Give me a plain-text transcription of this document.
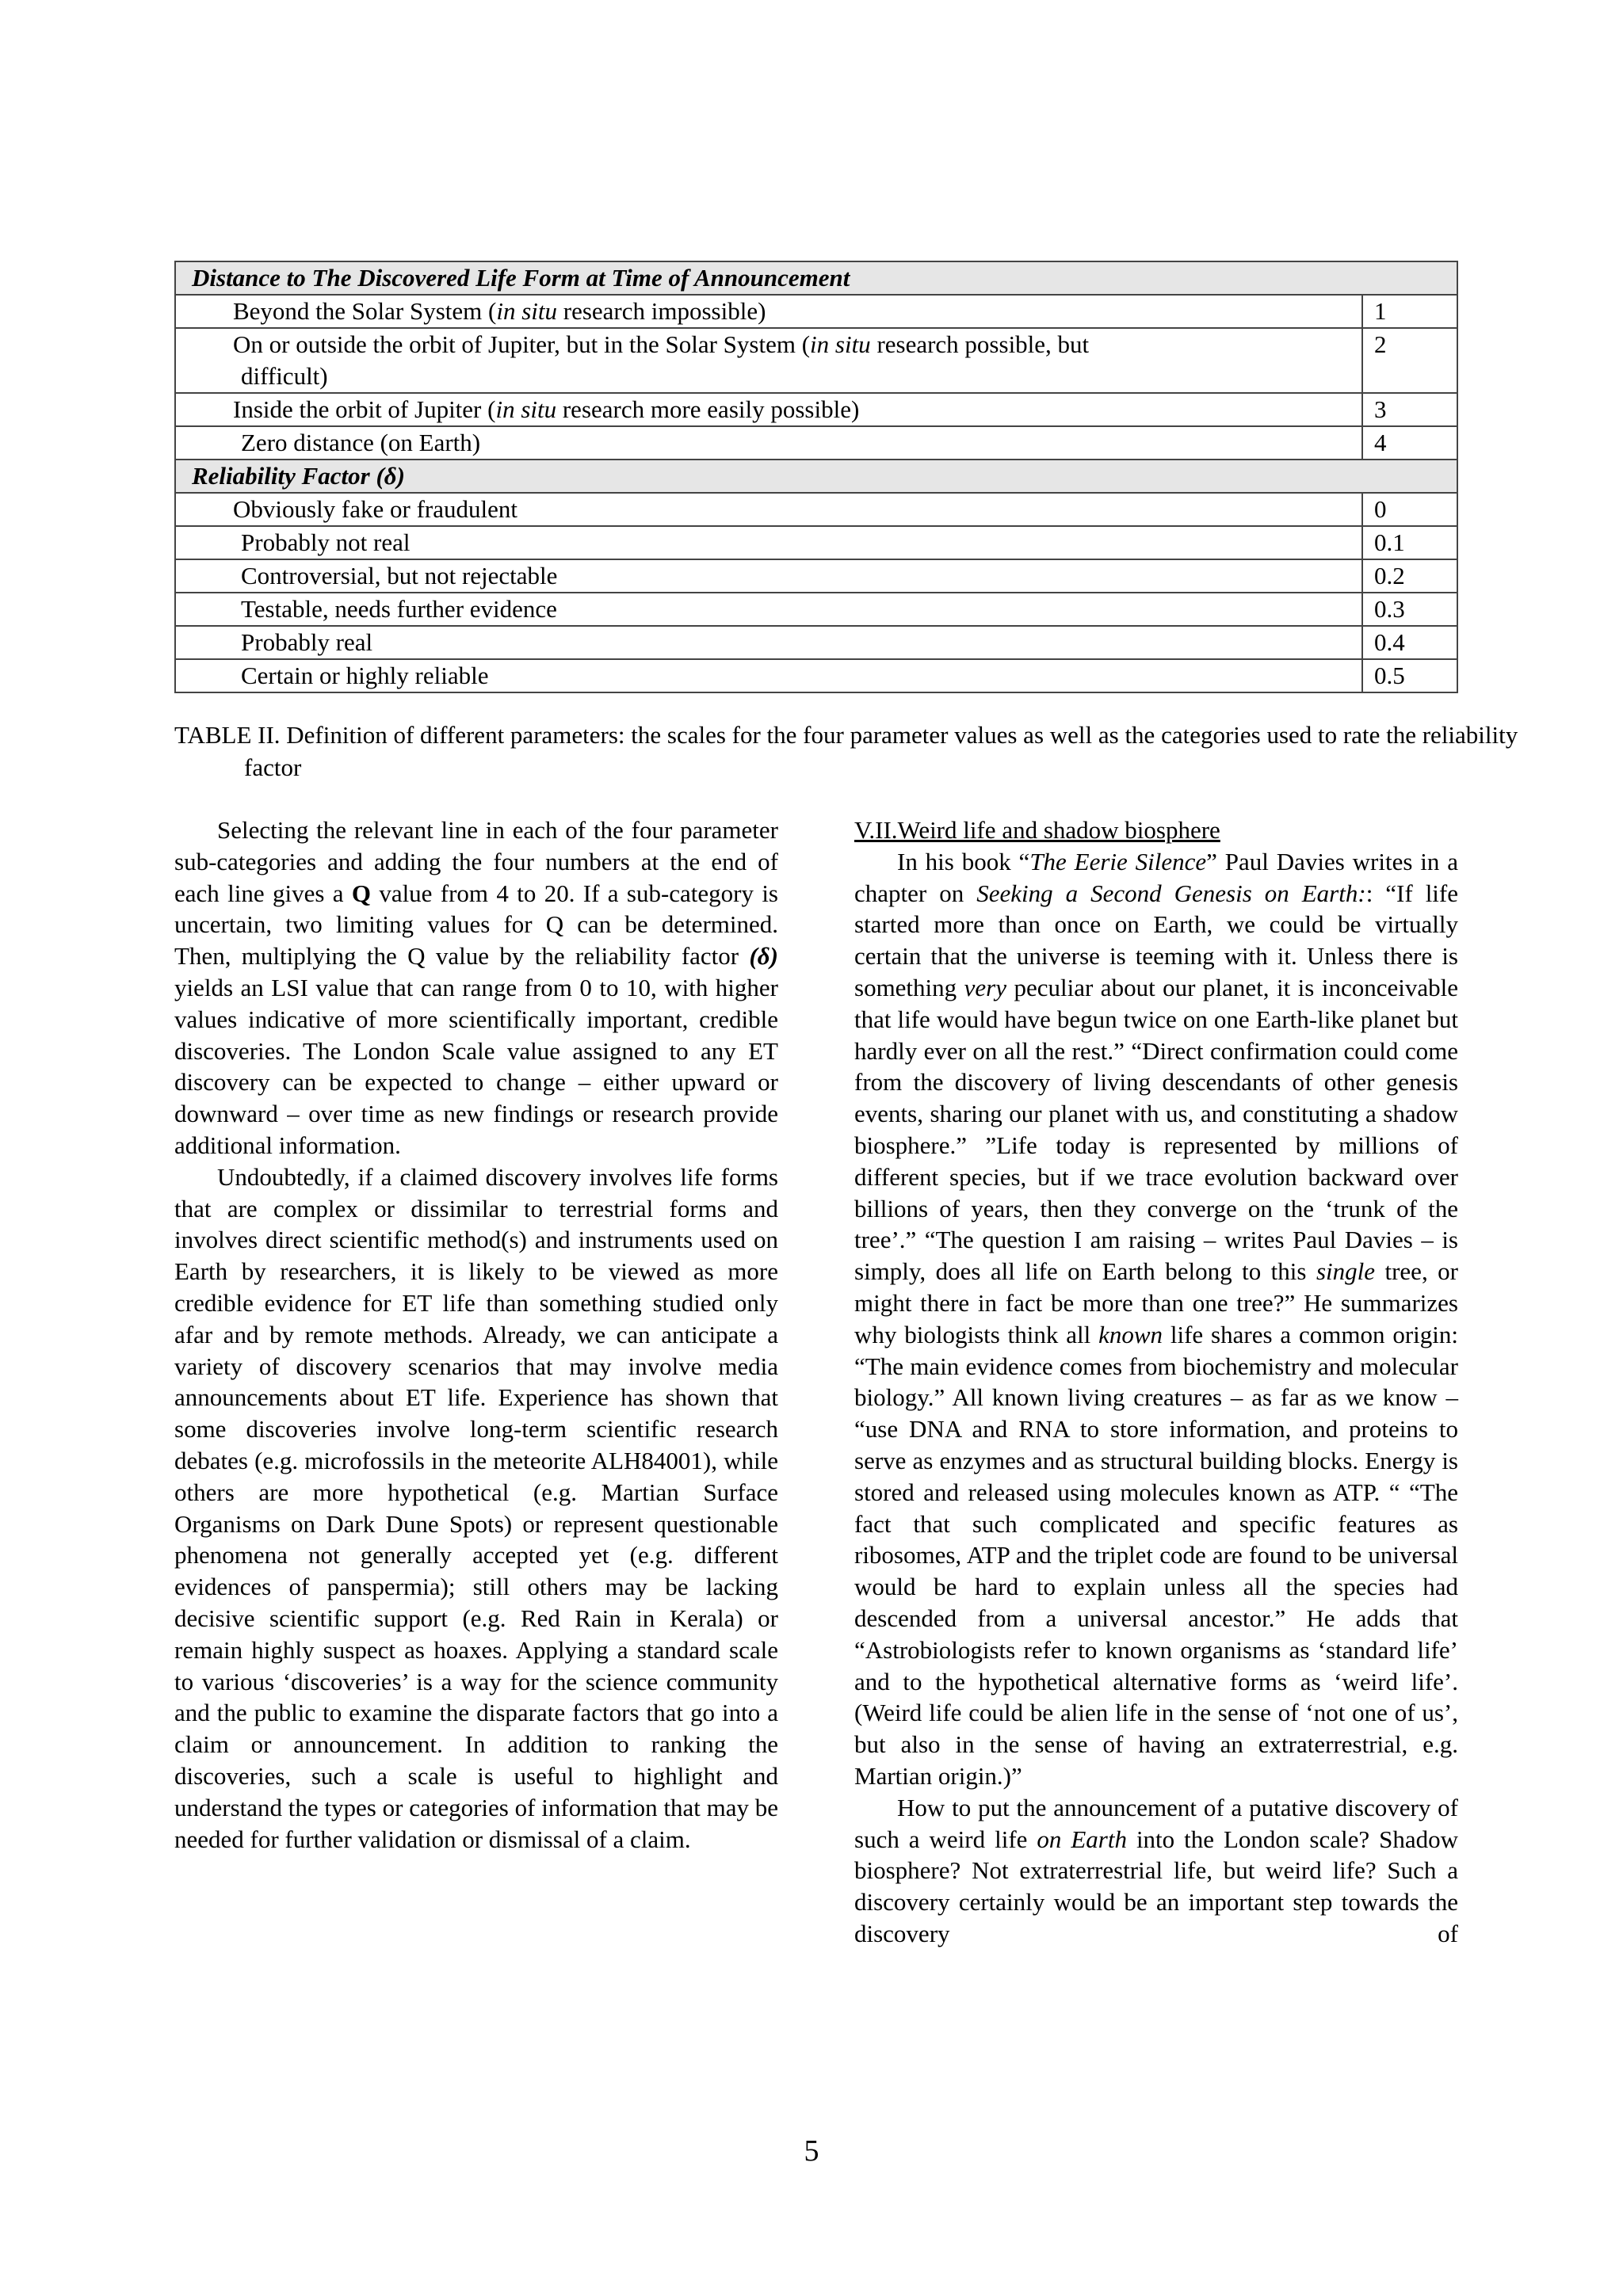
Distance to The Discovered Life Form at Time of Announcement	
Beyond the Solar System (in situ research impossible)	1
On or outside the orbit of Jupiter, but in the Solar System (in situ research possible, but
difficult)	2
Inside the orbit of Jupiter (in situ research more easily possible)	3
Zero distance (on Earth)	4
Reliability Factor (δ)	
Obviously fake or fraudulent	0
Probably not real	0.1
Controversial, but not rejectable	0.2
Testable, needs further evidence	0.3
Probably real	0.4
Certain or highly reliable	0.5
TABLE II. Definition of different parameters: the scales for the four parameter values as well as the categories used to rate the reliability factor

Selecting the relevant line in each of the four parameter sub-categories and adding the four numbers at the end of each line gives a Q value from 4 to 20. If a sub-category is uncertain, two limiting values for Q can be determined. Then, multiplying the Q value by the reliability factor (δ) yields an LSI value that can range from 0 to 10, with higher values indicative of more scientifically important, credible discoveries. The London Scale value assigned to any ET discovery can be expected to change – either upward or downward – over time as new findings or research provide additional information.

Undoubtedly, if a claimed discovery involves life forms that are complex or dissimilar to terrestrial forms and involves direct scientific method(s) and instruments used on Earth by researchers, it is likely to be viewed as more credible evidence for ET life than something studied only afar and by remote methods. Already, we can anticipate a variety of discovery scenarios that may involve media announcements about ET life. Experience has shown that some discoveries involve long-term scientific research debates (e.g. microfossils in the meteorite ALH84001), while others are more hypothetical (e.g. Martian Surface Organisms on Dark Dune Spots) or represent questionable phenomena not generally accepted yet (e.g. different evidences of panspermia); still others may be lacking decisive scientific support (e.g. Red Rain in Kerala) or remain highly suspect as hoaxes. Applying a standard scale to various ‘discoveries’ is a way for the science community and the public to examine the disparate factors that go into a claim or announcement. In addition to ranking the discoveries, such a scale is useful to highlight and understand the types or categories of information that may be needed for further validation or dismissal of a claim.

V.II.Weird life and shadow biosphere

In his book “The Eerie Silence” Paul Davies writes in a chapter on Seeking a Second Genesis on Earth:: “If life started more than once on Earth, we could be virtually certain that the universe is teeming with it. Unless there is something very peculiar about our planet, it is inconceivable that life would have begun twice on one Earth-like planet but hardly ever on all the rest.” “Direct confirmation could come from the discovery of living descendants of other genesis events, sharing our planet with us, and constituting a shadow biosphere.” ”Life today is represented by millions of different species, but if we trace evolution backward over billions of years, then they converge on the ‘trunk of the tree’.” “The question I am raising – writes Paul Davies – is simply, does all life on Earth belong to this single tree, or might there in fact be more than one tree?” He summarizes why biologists think all known life shares a common origin: “The main evidence comes from biochemistry and molecular biology.” All known living creatures – as far as we know – “use DNA and RNA to store information, and proteins to serve as enzymes and as structural building blocks. Energy is stored and released using molecules known as ATP. “ “The fact that such complicated and specific features as ribosomes, ATP and the triplet code are found to be universal would be hard to explain unless all the species had descended from a universal ancestor.” He adds that “Astrobiologists refer to known organisms as ‘standard life’ and to the hypothetical alternative forms as ‘weird life’. (Weird life could be alien life in the sense of ‘not one of us’, but also in the sense of having an extraterrestrial, e.g. Martian origin.)”

How to put the announcement of a putative discovery of such a weird life on Earth into the London scale? Shadow biosphere? Not extraterrestrial life, but weird life? Such a discovery certainly would be an important step towards the discovery of

5
